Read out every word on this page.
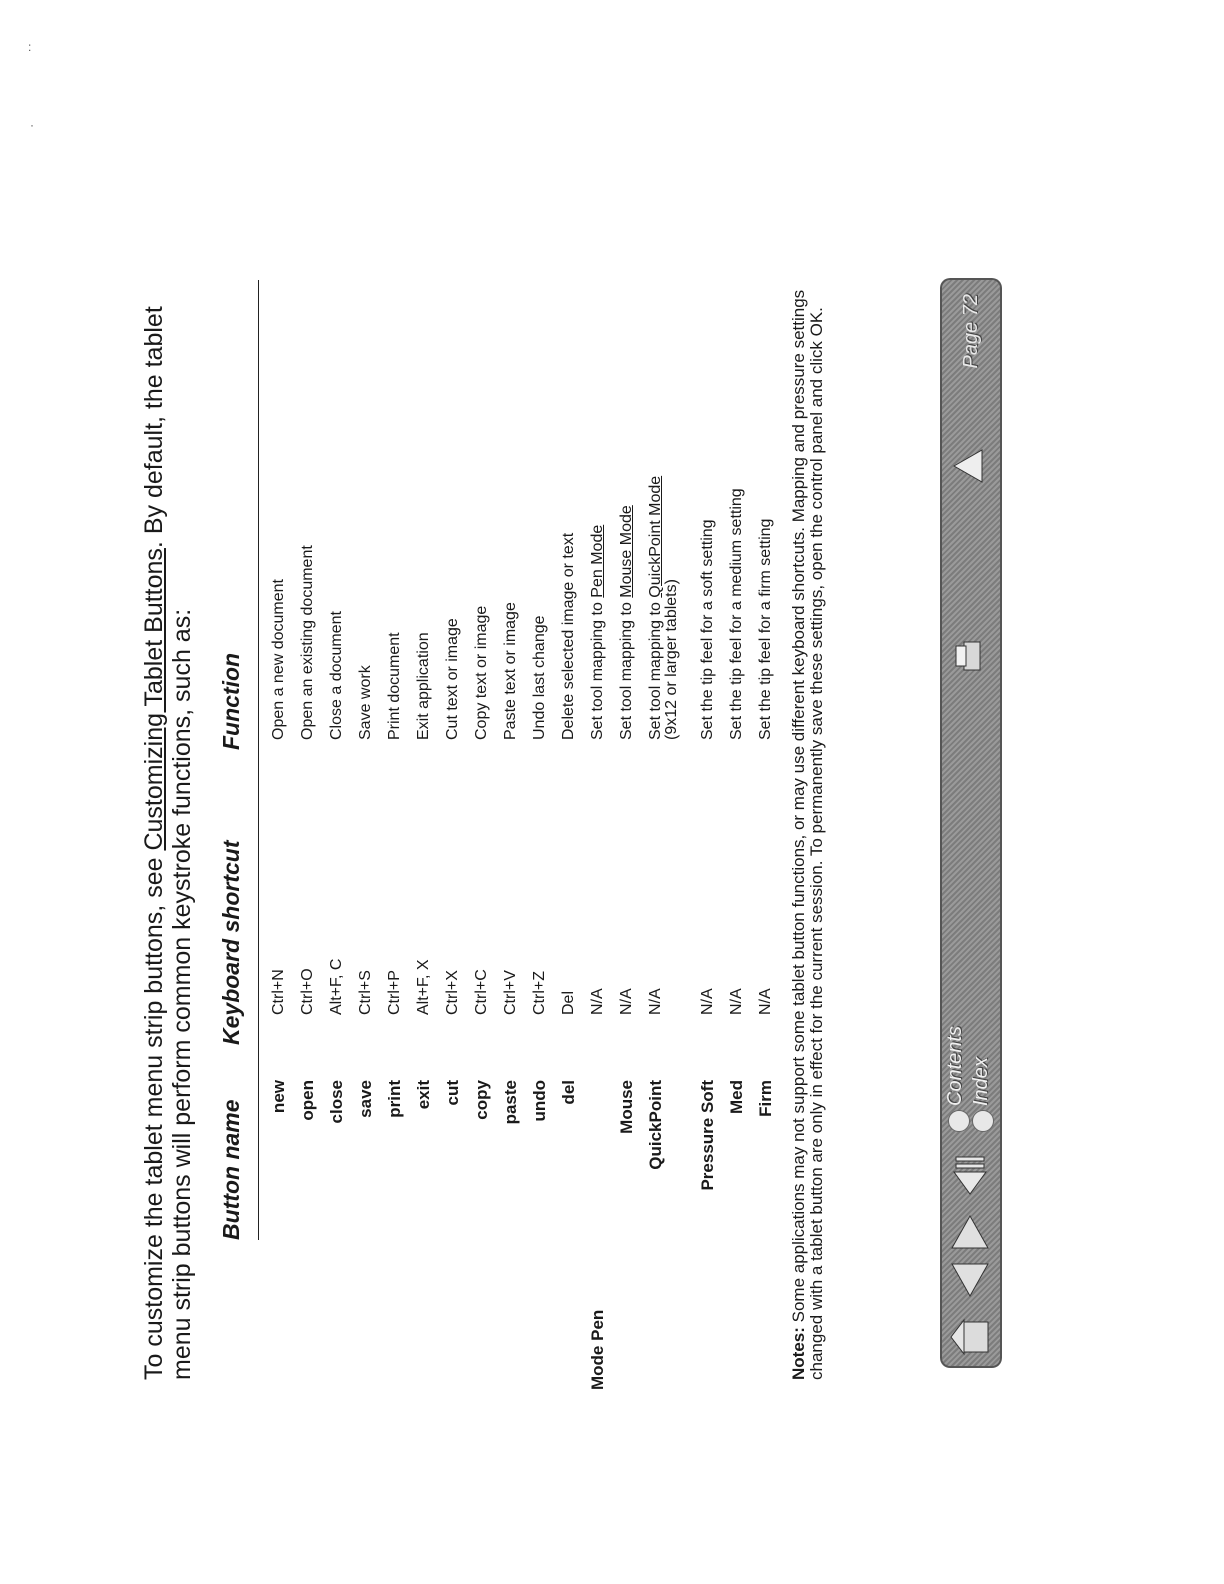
:
·

To customize the tablet menu strip buttons, see Customizing Tablet Buttons. By default, the tablet menu strip buttons will perform common keystroke functions, such as: Button name
Keyboard shortcut
Function
new
Ctrl+N
Open a new document
open
Ctrl+O
Open an existing document
close
Alt+F, C
Close a document
save
Ctrl+S
Save work
print
Ctrl+P
Print document
exit
Alt+F, X
Exit application
cut
Ctrl+X
Cut text or image
copy
Ctrl+C
Copy text or image
paste
Ctrl+V
Paste text or image
undo
Ctrl+Z
Undo last change
del
Del
Delete selected image or text
Mode Pen
N/A
Set tool mapping to Pen Mode
Mouse
N/A
Set tool mapping to Mouse Mode
QuickPoint
N/A
Set tool mapping to QuickPoint Mode
(9x12 or larger tablets)
Pressure Soft
N/A
Set the tip feel for a soft setting
Med
N/A
Set the tip feel for a medium setting
Firm
N/A
Set the tip feel for a firm setting

Notes: Some applications may not support some tablet button functions, or may use different keyboard shortcuts. Mapping and pressure settings changed with a tablet button are only in effect for the current session. To permanently save these settings, open the control panel and click OK.	Contents Index
Page 72
